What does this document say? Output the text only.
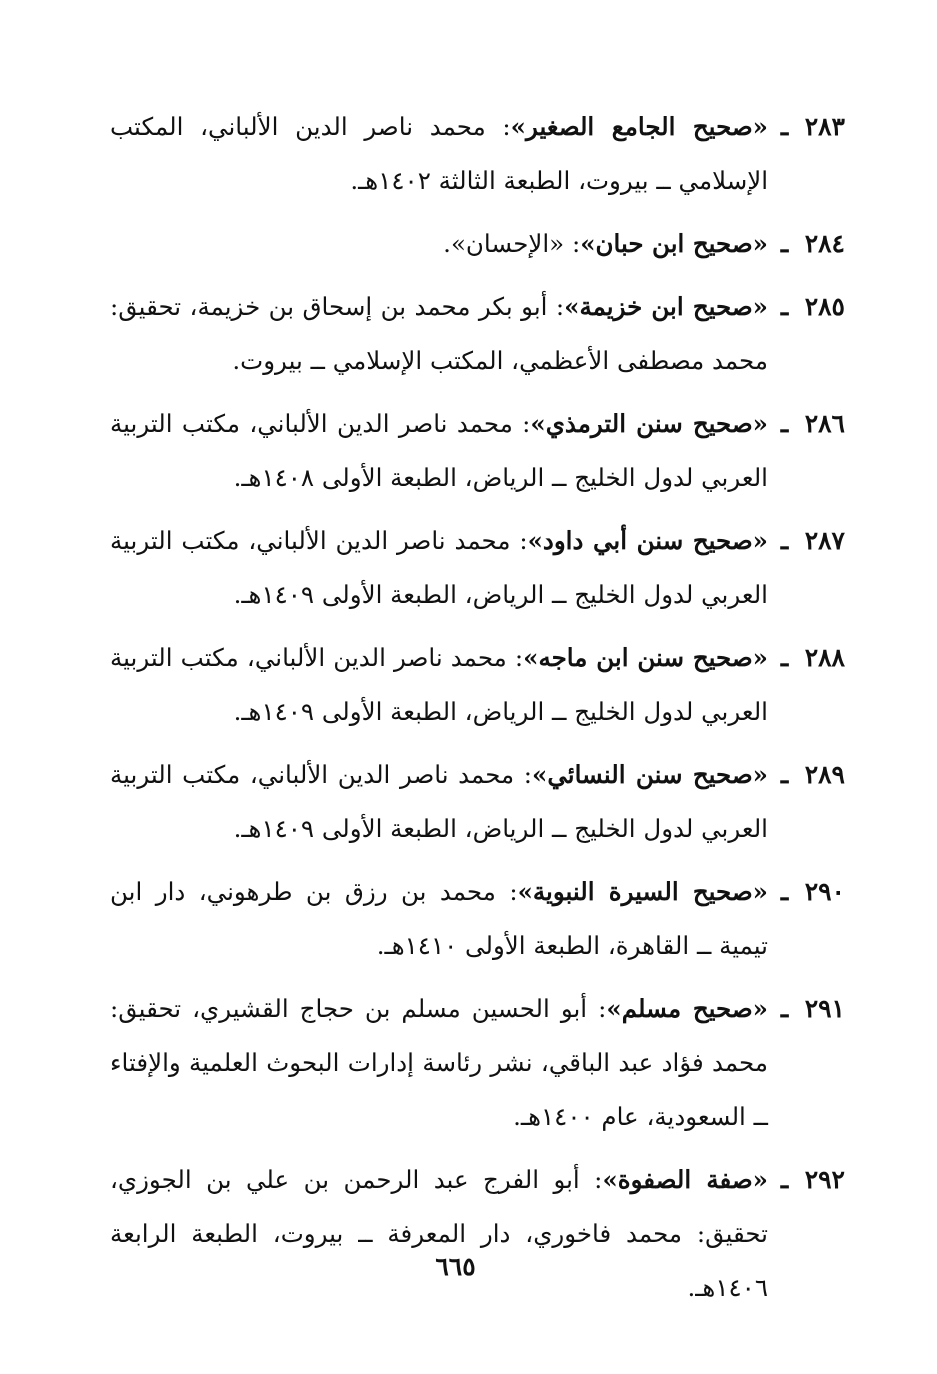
٢٨٣
ـ
«صحيح الجامع الصغير»: محمد ناصر الدين الألباني، المكتب الإسلامي ــ بيروت، الطبعة الثالثة ١٤٠٢هـ.
٢٨٤
ـ
«صحيح ابن حبان»: «الإحسان».
٢٨٥
ـ
«صحيح ابن خزيمة»: أبو بكر محمد بن إسحاق بن خزيمة، تحقيق: محمد مصطفى الأعظمي، المكتب الإسلامي ــ بيروت.
٢٨٦
ـ
«صحيح سنن الترمذي»: محمد ناصر الدين الألباني، مكتب التربية العربي لدول الخليج ــ الرياض، الطبعة الأولى ١٤٠٨هـ.
٢٨٧
ـ
«صحيح سنن أبي داود»: محمد ناصر الدين الألباني، مكتب التربية العربي لدول الخليج ــ الرياض، الطبعة الأولى ١٤٠٩هـ.
٢٨٨
ـ
«صحيح سنن ابن ماجه»: محمد ناصر الدين الألباني، مكتب التربية العربي لدول الخليج ــ الرياض، الطبعة الأولى ١٤٠٩هـ.
٢٨٩
ـ
«صحيح سنن النسائي»: محمد ناصر الدين الألباني، مكتب التربية العربي لدول الخليج ــ الرياض، الطبعة الأولى ١٤٠٩هـ.
٢٩٠
ـ
«صحيح السيرة النبوية»: محمد بن رزق بن طرهوني، دار ابن تيمية ــ القاهرة، الطبعة الأولى ١٤١٠هـ.
٢٩١
ـ
«صحيح مسلم»: أبو الحسين مسلم بن حجاج القشيري، تحقيق: محمد فؤاد عبد الباقي، نشر رئاسة إدارات البحوث العلمية والإفتاء ــ السعودية، عام ١٤٠٠هـ.
٢٩٢
ـ
«صفة الصفوة»: أبو الفرج عبد الرحمن بن علي بن الجوزي، تحقيق: محمد فاخوري، دار المعرفة ــ بيروت، الطبعة الرابعة ١٤٠٦هـ.
٦٦٥
